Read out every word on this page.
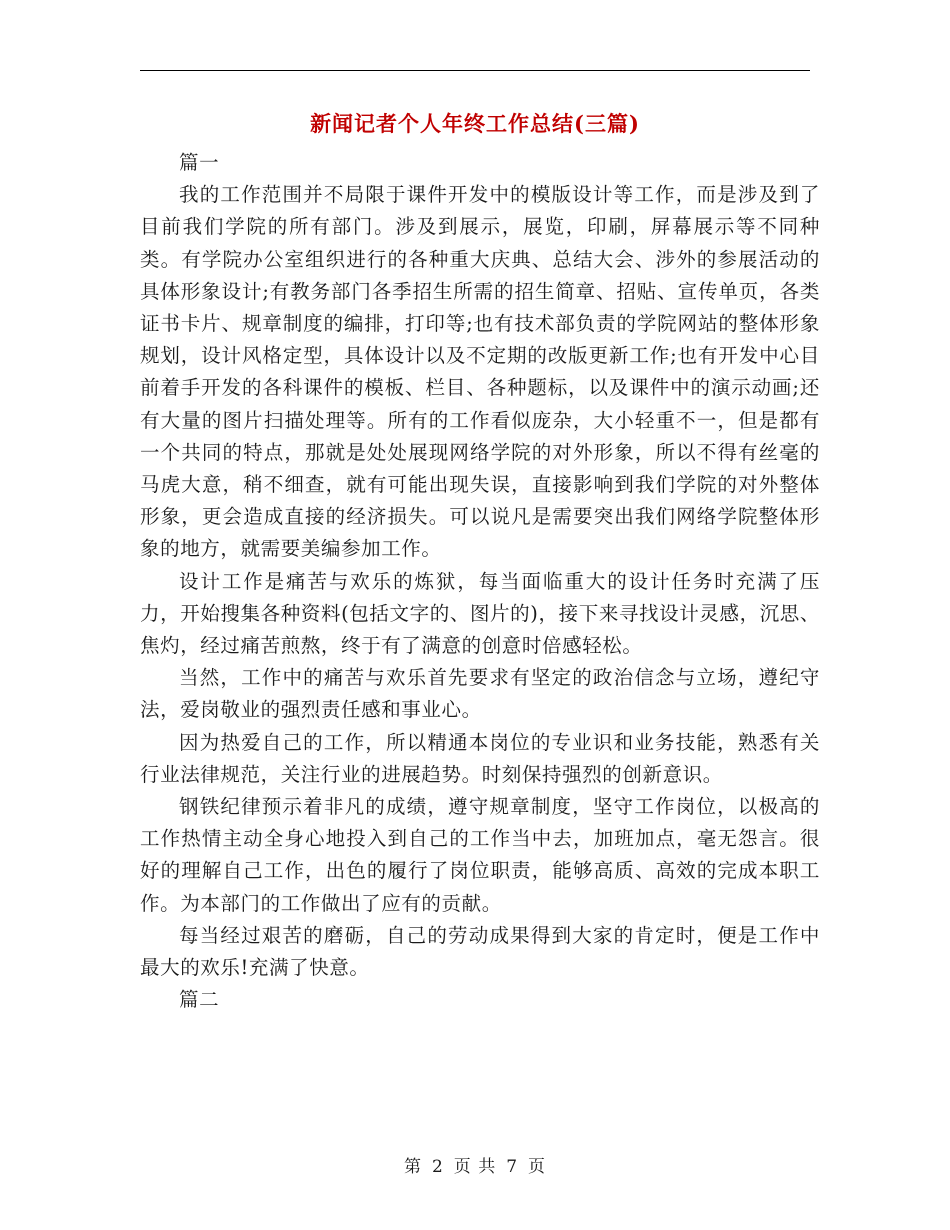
新闻记者个人年终工作总结(三篇)

篇一

我的工作范围并不局限于课件开发中的模版设计等工作，而是涉及到了目前我们学院的所有部门。涉及到展示，展览，印刷，屏幕展示等不同种类。有学院办公室组织进行的各种重大庆典、总结大会、涉外的参展活动的具体形象设计;有教务部门各季招生所需的招生简章、招贴、宣传单页，各类证书卡片、规章制度的编排，打印等;也有技术部负责的学院网站的整体形象规划，设计风格定型，具体设计以及不定期的改版更新工作;也有开发中心目前着手开发的各科课件的模板、栏目、各种题标，以及课件中的演示动画;还有大量的图片扫描处理等。所有的工作看似庞杂，大小轻重不一，但是都有一个共同的特点，那就是处处展现网络学院的对外形象，所以不得有丝毫的马虎大意，稍不细查，就有可能出现失误，直接影响到我们学院的对外整体形象，更会造成直接的经济损失。可以说凡是需要突出我们网络学院整体形象的地方，就需要美编参加工作。

设计工作是痛苦与欢乐的炼狱，每当面临重大的设计任务时充满了压力，开始搜集各种资料(包括文字的、图片的)，接下来寻找设计灵感，沉思、焦灼，经过痛苦煎熬，终于有了满意的创意时倍感轻松。

当然，工作中的痛苦与欢乐首先要求有坚定的政治信念与立场，遵纪守法，爱岗敬业的强烈责任感和事业心。

因为热爱自己的工作，所以精通本岗位的专业识和业务技能，熟悉有关行业法律规范，关注行业的进展趋势。时刻保持强烈的创新意识。

钢铁纪律预示着非凡的成绩，遵守规章制度，坚守工作岗位，以极高的工作热情主动全身心地投入到自己的工作当中去，加班加点，毫无怨言。很好的理解自己工作，出色的履行了岗位职责，能够高质、高效的完成本职工作。为本部门的工作做出了应有的贡献。

每当经过艰苦的磨砺，自己的劳动成果得到大家的肯定时，便是工作中最大的欢乐!充满了快意。

篇二

第 2 页 共 7 页
